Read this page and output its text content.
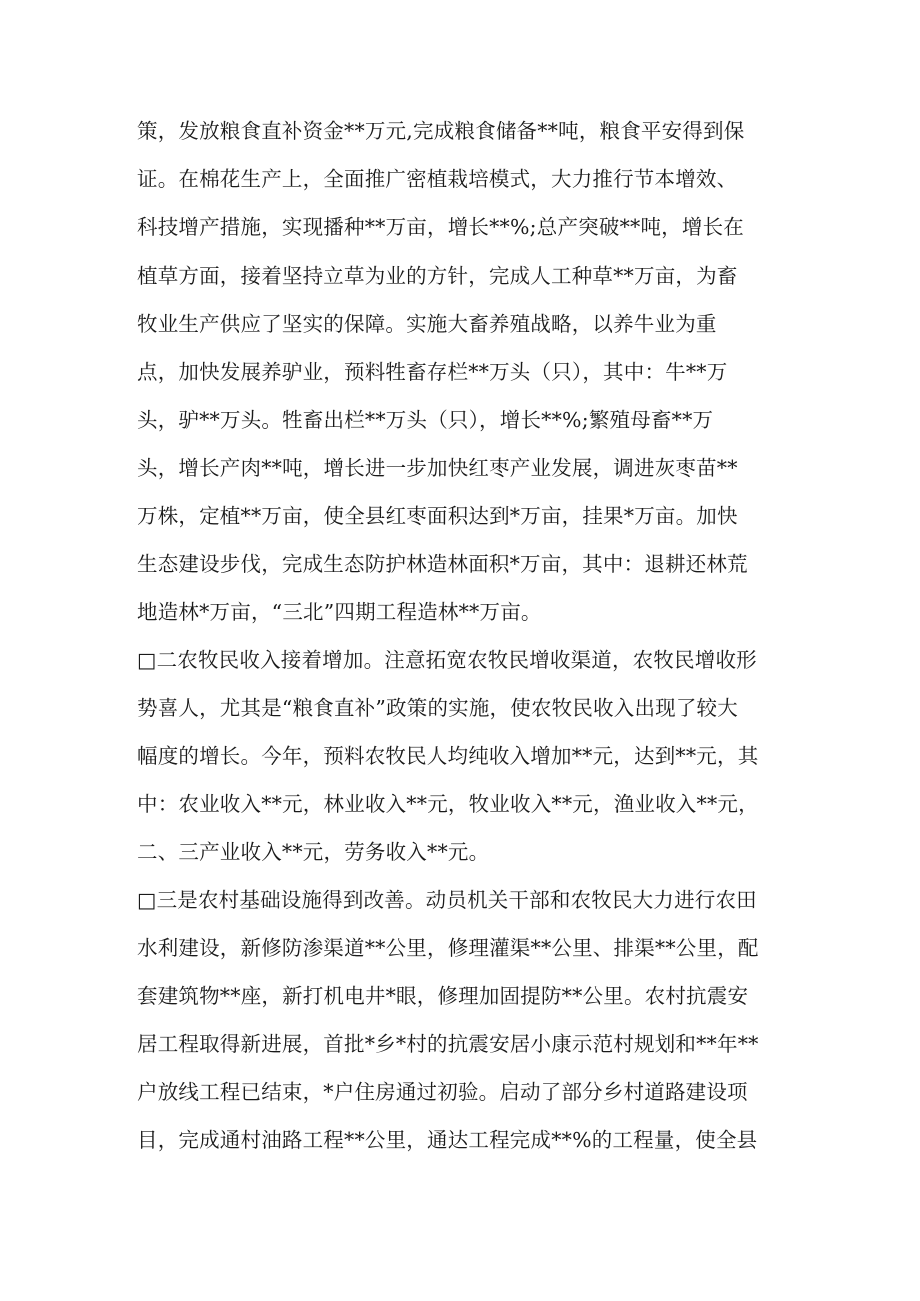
策，发放粮食直补资金**万元,完成粮食储备**吨，粮食平安得到保
证。在棉花生产上，全面推广密植栽培模式，大力推行节本增效、
科技增产措施，实现播种**万亩，增长**%;总产突破**吨，增长在
植草方面，接着坚持立草为业的方针，完成人工种草**万亩，为畜
牧业生产供应了坚实的保障。实施大畜养殖战略，以养牛业为重
点，加快发展养驴业，预料牲畜存栏**万头（只），其中：牛**万
头，驴**万头。牲畜出栏**万头（只），增长**%;繁殖母畜**万
头，增长产肉**吨，增长进一步加快红枣产业发展，调进灰枣苗**
万株，定植**万亩，使全县红枣面积达到*万亩，挂果*万亩。加快
生态建设步伐，完成生态防护林造林面积*万亩，其中：退耕还林荒
地造林*万亩，“三北”四期工程造林**万亩。
□二农牧民收入接着增加。注意拓宽农牧民增收渠道，农牧民增收形
势喜人，尤其是“粮食直补”政策的实施，使农牧民收入出现了较大
幅度的增长。今年，预料农牧民人均纯收入增加**元，达到**元，其
中：农业收入**元，林业收入**元，牧业收入**元，渔业收入**元，
二、三产业收入**元，劳务收入**元。
□三是农村基础设施得到改善。动员机关干部和农牧民大力进行农田
水利建设，新修防渗渠道**公里，修理灌渠**公里、排渠**公里，配
套建筑物**座，新打机电井*眼，修理加固提防**公里。农村抗震安
居工程取得新进展，首批*乡*村的抗震安居小康示范村规划和**年**
户放线工程已结束，*户住房通过初验。启动了部分乡村道路建设项
目，完成通村油路工程**公里，通达工程完成**%的工程量，使全县
